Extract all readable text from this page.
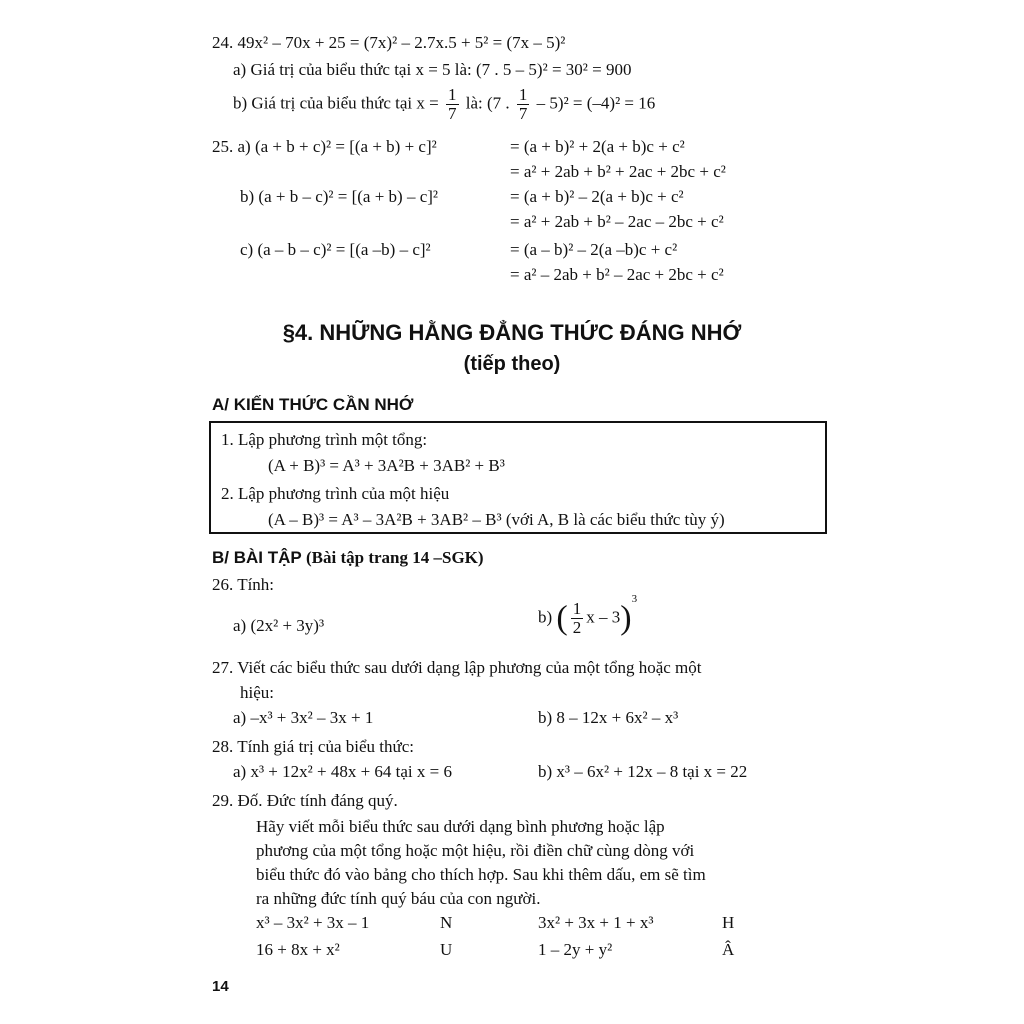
24. 49x² – 70x + 25 = (7x)² – 2.7x.5 + 5² = (7x – 5)²
a) Giá trị của biểu thức tại x = 5 là: (7 . 5 – 5)² = 30² = 900
b) Giá trị của biểu thức tại $x = \frac{1}{7}$ là: (7 . $\frac{1}{7} - 5)^2 = (-4)^2 = 16$
25. a) (a + b + c)² = [(a + b) + c]²	= (a + b)² + 2(a + b)c + c²
= a² + 2ab + b² + 2ac + 2bc + c²
b) (a + b – c)² = [(a + b) – c]²	= (a + b)² – 2(a + b)c + c²
= a² + 2ab + b² – 2ac – 2bc + c²
c) (a – b – c)² = [(a –b) – c]²	= (a – b)² – 2(a –b)c + c²
= a² – 2ab + b² – 2ac + 2bc + c²
§4. NHỮNG HẰNG ĐẲNG THỨC ĐÁNG NHỚ
(tiếp theo)
A/ KIẾN THỨC CẦN NHỚ
1. Lập phương trình một tổng:
(A + B)³ = A³ + 3A²B + 3AB² + B³
2. Lập phương trình của một hiệu
(A – B)³ = A³ – 3A²B + 3AB² – B³ (với A, B là các biểu thức tùy ý)
B/ BÀI TẬP (Bài tập trang 14 –SGK)
26. Tính:
a) (2x² + 3y)³	b) ( $\frac{1}{2}$ x – 3)$^3$
27. Viết các biểu thức sau dưới dạng lập phương của một tổng hoặc một
hiệu:
a) –x³ + 3x² – 3x + 1	b) 8 – 12x + 6x² – x³
28. Tính giá trị của biểu thức:
a) x³ + 12x² + 48x + 64 tại x = 6	b) x³ – 6x² + 12x – 8 tại x = 22
29. Đố. Đức tính đáng quý.
Hãy viết mỗi biểu thức sau dưới dạng bình phương hoặc lập
phương của một tổng hoặc một hiệu, rồi điền chữ cùng dòng với
biểu thức đó vào bảng cho thích hợp. Sau khi thêm dấu, em sẽ tìm
ra những đức tính quý báu của con người.
x³ – 3x² + 3x – 1	N	3x² + 3x + 1 + x³	H
16 + 8x + x²	U	1 – 2y + y²	Â
14
